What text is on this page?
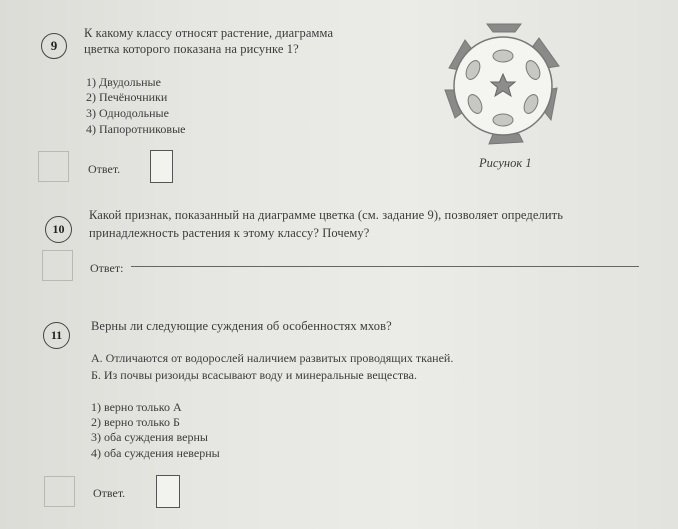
9
К какому классу относят растение, диаграмма
цветка которого показана на рисунке 1?
1) Двудольные
2) Печёночники
3) Однодольные
4) Папоротниковые
Ответ.	Рисунок 1
10
Какой признак, показанный на диаграмме цветка (см. задание 9), позволяет определить
принадлежность растения к этому классу? Почему?
Ответ:
11
Верны ли следующие суждения об особенностях мхов?
А. Отличаются от водорослей наличием развитых проводящих тканей.
Б. Из почвы ризоиды всасывают воду и минеральные вещества.
1) верно только А
2) верно только Б
3) оба суждения верны
4) оба суждения неверны
Ответ.
